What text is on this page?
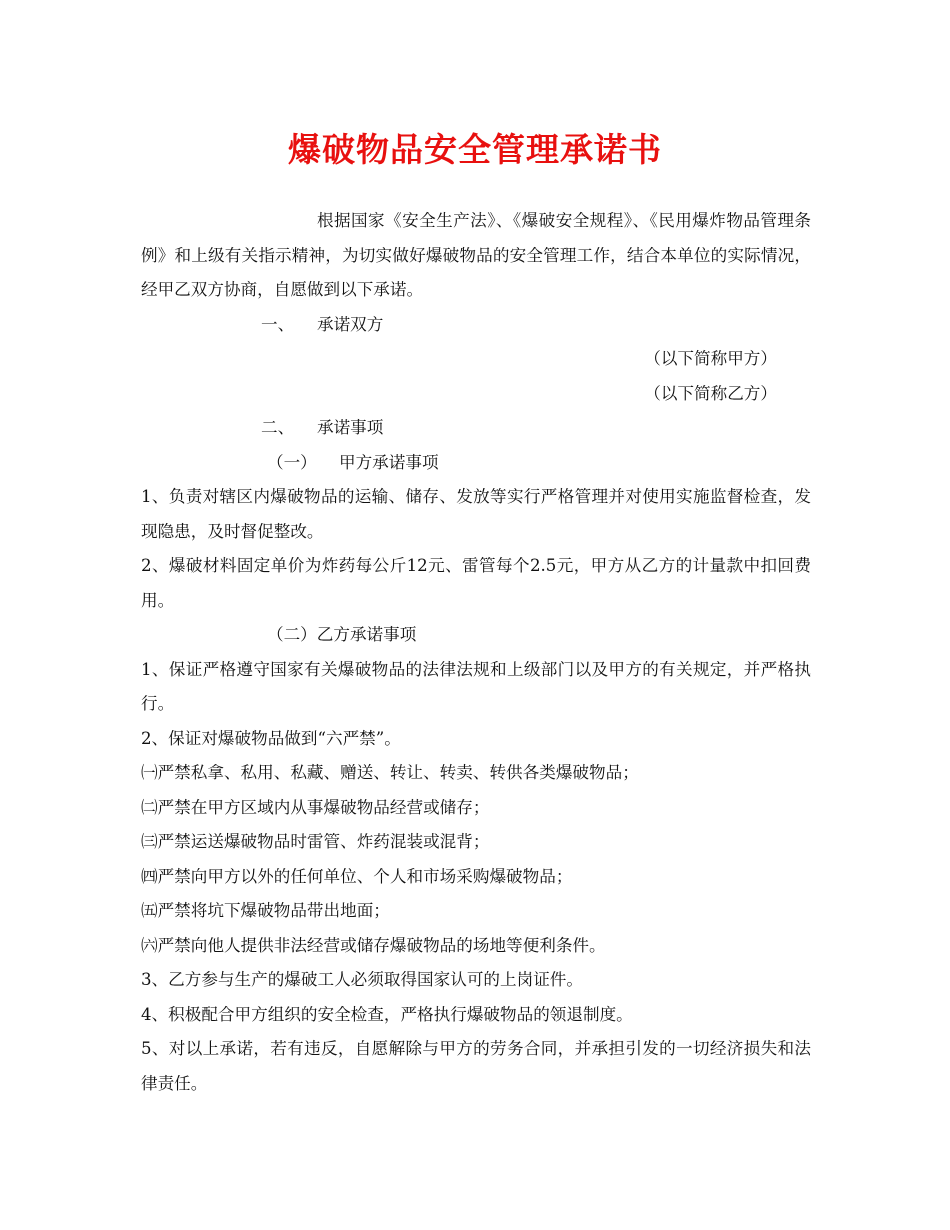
爆破物品安全管理承诺书

根据国家《安全生产法》、《爆破安全规程》、《民用爆炸物品管理条例》和上级有关指示精神，为切实做好爆破物品的安全管理工作，结合本单位的实际情况，经甲乙双方协商，自愿做到以下承诺。

一、 承诺双方

（以下简称甲方）

（以下简称乙方）

二、 承诺事项

（一） 甲方承诺事项

1、负责对辖区内爆破物品的运输、储存、发放等实行严格管理并对使用实施监督检查，发现隐患，及时督促整改。

2、爆破材料固定单价为炸药每公斤12元、雷管每个2.5元，甲方从乙方的计量款中扣回费用。

（二）乙方承诺事项

1、保证严格遵守国家有关爆破物品的法律法规和上级部门以及甲方的有关规定，并严格执行。

2、保证对爆破物品做到“六严禁”。

㈠严禁私拿、私用、私藏、赠送、转让、转卖、转供各类爆破物品；

㈡严禁在甲方区域内从事爆破物品经营或储存；

㈢严禁运送爆破物品时雷管、炸药混装或混背；

㈣严禁向甲方以外的任何单位、个人和市场采购爆破物品；

㈤严禁将坑下爆破物品带出地面；

㈥严禁向他人提供非法经营或储存爆破物品的场地等便利条件。

3、乙方参与生产的爆破工人必须取得国家认可的上岗证件。

4、积极配合甲方组织的安全检查，严格执行爆破物品的领退制度。

5、对以上承诺，若有违反，自愿解除与甲方的劳务合同，并承担引发的一切经济损失和法律责任。
